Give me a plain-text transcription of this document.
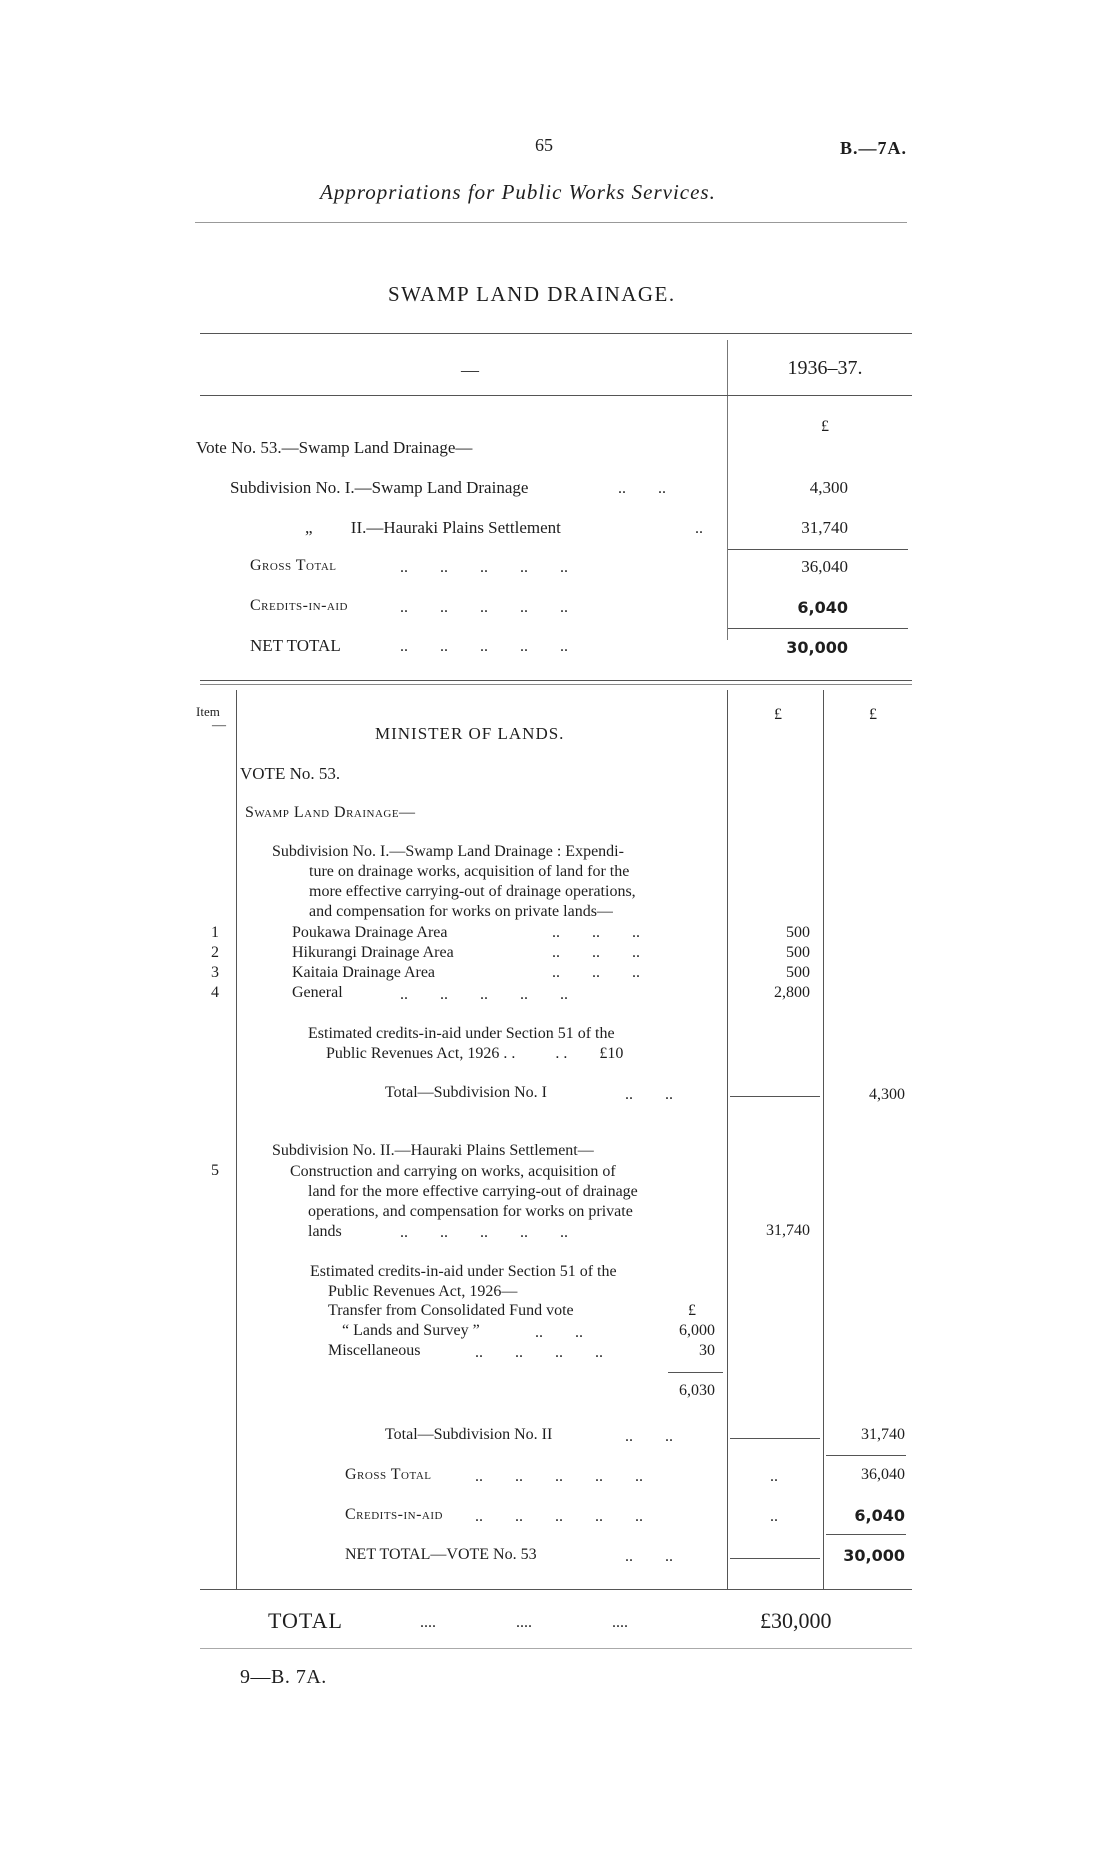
65	B.—7A.
Appropriations for Public Works Services.
SWAMP LAND DRAINAGE.
—	1936–37.
£
Vote No. 53.—Swamp Land Drainage—
Subdivision No. I.—Swamp Land Drainage	..        ..	4,300
„         II.—Hauraki Plains Settlement	..	31,740
Gross Total	..        ..        ..        ..        ..	36,040
Credits-in-aid	..        ..        ..        ..        ..	6,040
NET TOTAL	..        ..        ..        ..        ..	30,000
Item
—
£	£
MINISTER OF LANDS.
VOTE No. 53.
Swamp Land Drainage—
Subdivision No. I.—Swamp Land Drainage : Expendi-
ture on drainage works, acquisition of land for the
more effective carrying-out of drainage operations,
and compensation for works on private lands—
1	Poukawa Drainage Area	..        ..        ..	500
2	Hikurangi Drainage Area	..        ..        ..	500
3	Kaitaia Drainage Area	..        ..        ..	500
4	General	..        ..        ..        ..        ..	2,800
Estimated credits-in-aid under Section 51 of the
Public Revenues Act, 1926 . .          . .        £10
Total—Subdivision No. I	..        ..	4,300
Subdivision No. II.—Hauraki Plains Settlement—
5	Construction and carrying on works, acquisition of
land for the more effective carrying-out of drainage
operations, and compensation for works on private
lands	..        ..        ..        ..        ..	31,740
Estimated credits-in-aid under Section 51 of the
Public Revenues Act, 1926—
Transfer from Consolidated Fund vote	£
“ Lands and Survey ”	..        ..	6,000
Miscellaneous	..        ..        ..        ..	30
6,030
Total—Subdivision No. II	..        ..	31,740
Gross Total	..        ..        ..        ..        ..	..	36,040
Credits-in-aid ..        ..        ..        ..        ..	..	6,040
NET TOTAL—VOTE No. 53	..        ..	30,000
TOTAL	....                    ....                    ....	£30,000
9—B. 7A.
